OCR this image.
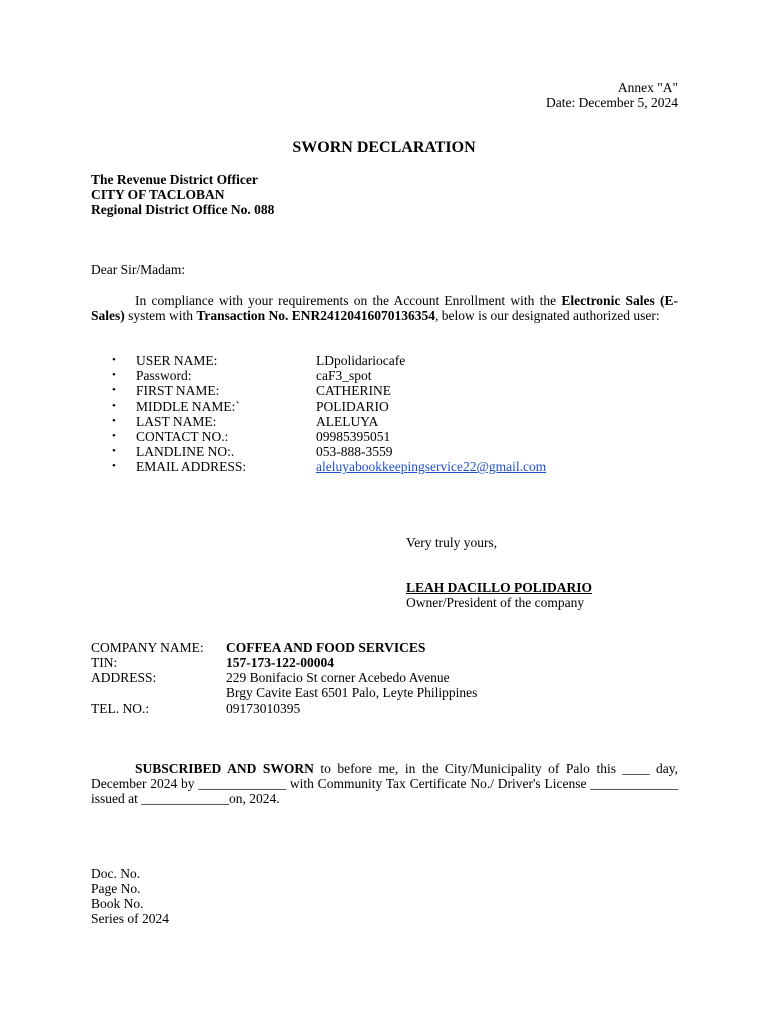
Annex "A"
Date: December 5, 2024
SWORN DECLARATION
The Revenue District Officer
CITY OF TACLOBAN
Regional District Office No. 088
Dear Sir/Madam:
In compliance with your requirements on the Account Enrollment with the Electronic Sales (E-Sales) system with Transaction No. ENR24120416070136354, below is our designated authorized user:
•	USER NAME:	LDpolidariocafe
•	Password:	caF3_spot
•	FIRST NAME:	CATHERINE
•	MIDDLE NAME:`	POLIDARIO
•	LAST NAME:	ALELUYA
•	CONTACT NO.:	09985395051
•	LANDLINE NO:.	053-888-3559
•	EMAIL ADDRESS:	aleluyabookkeepingservice22@gmail.com
Very truly yours,
LEAH DACILLO POLIDARIO
Owner/President of the company
COMPANY NAME: COFFEA AND FOOD SERVICES
TIN:	157-173-122-00004
ADDRESS:	229 Bonifacio St corner Acebedo Avenue
Brgy Cavite East 6501 Palo, Leyte Philippines
TEL. NO.:	09173010395
SUBSCRIBED AND SWORN to before me, in the City/Municipality of Palo this ____ day, December 2024 by _____________ with Community Tax Certificate No./ Driver's License _____________ issued at _____________on, 2024.
Doc. No.
Page No.
Book No.
Series of 2024
